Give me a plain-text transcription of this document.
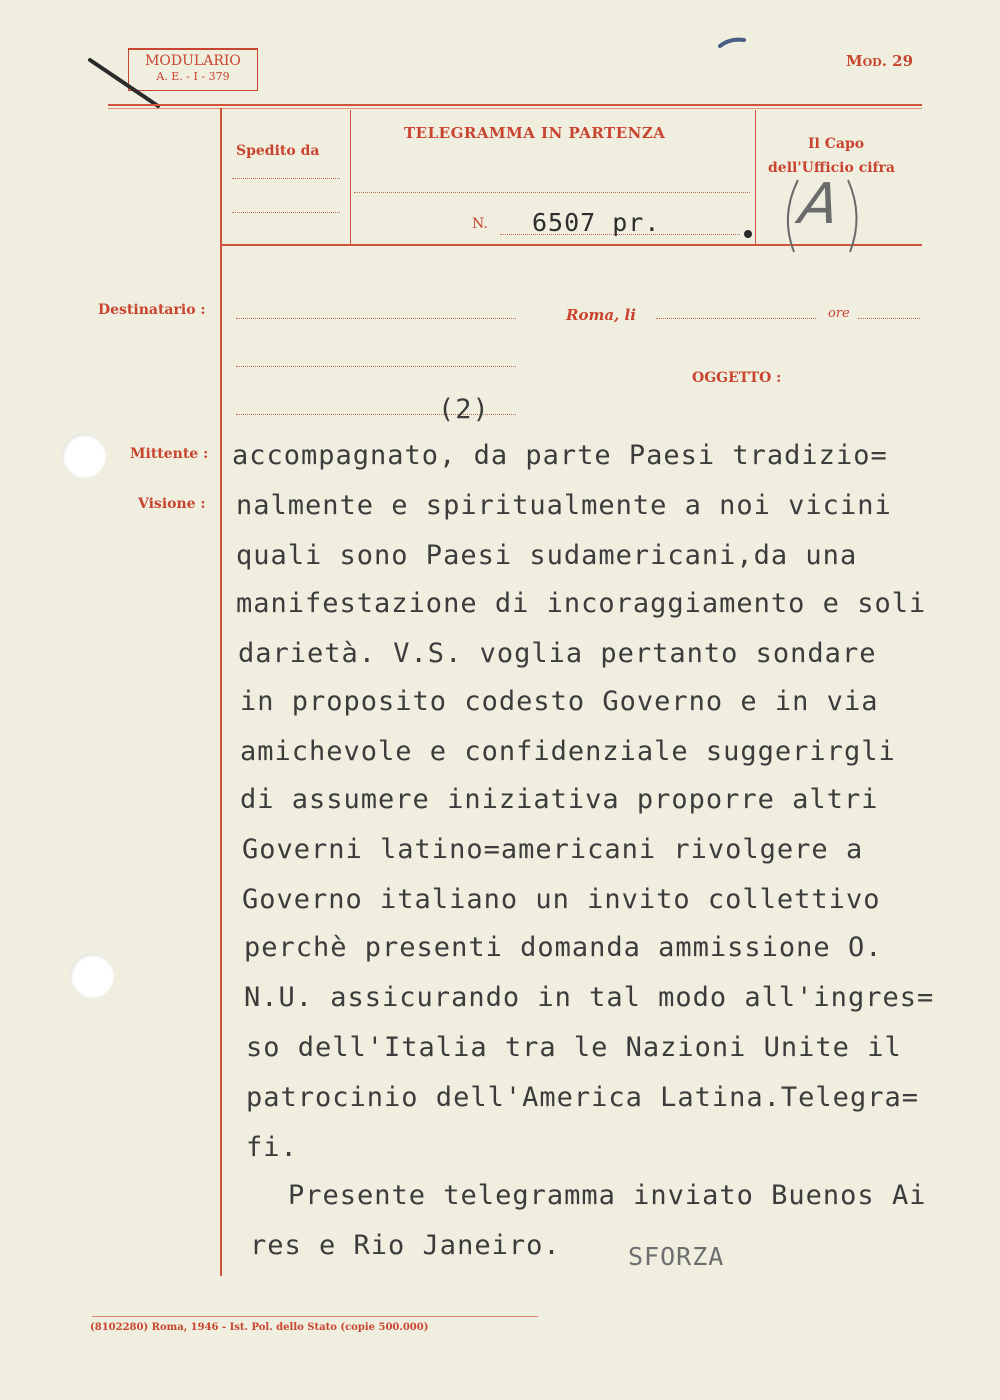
MODULARIO
A. E. - I - 379
Mod. 29
Spedito da
TELEGRAMMA IN PARTENZA
N. 6507 pr.
Il Capo
dell'Ufficio cifra
A
Destinatario :	Roma, li	ore
OGGETTO :
(2)
Mittente :
Visione :
accompagnato, da parte Paesi tradizio=
nalmente e spiritualmente a noi vicini
quali sono Paesi sudamericani,da una
manifestazione di incoraggiamento e soli
darietà. V.S. voglia pertanto sondare
in proposito codesto Governo e in via
amichevole e confidenziale suggerirgli
di assumere iniziativa proporre altri
Governi latino=americani rivolgere a
Governo italiano un invito collettivo
perchè presenti domanda ammissione O.
N.U. assicurando in tal modo all'ingres=
so dell'Italia tra le Nazioni Unite il
patrocinio dell'America Latina.Telegra=
fi.
Presente telegramma inviato Buenos Ai
res e Rio Janeiro.	SFORZA
(8102280) Roma, 1946 - Ist. Pol. dello Stato (copie 500.000)
